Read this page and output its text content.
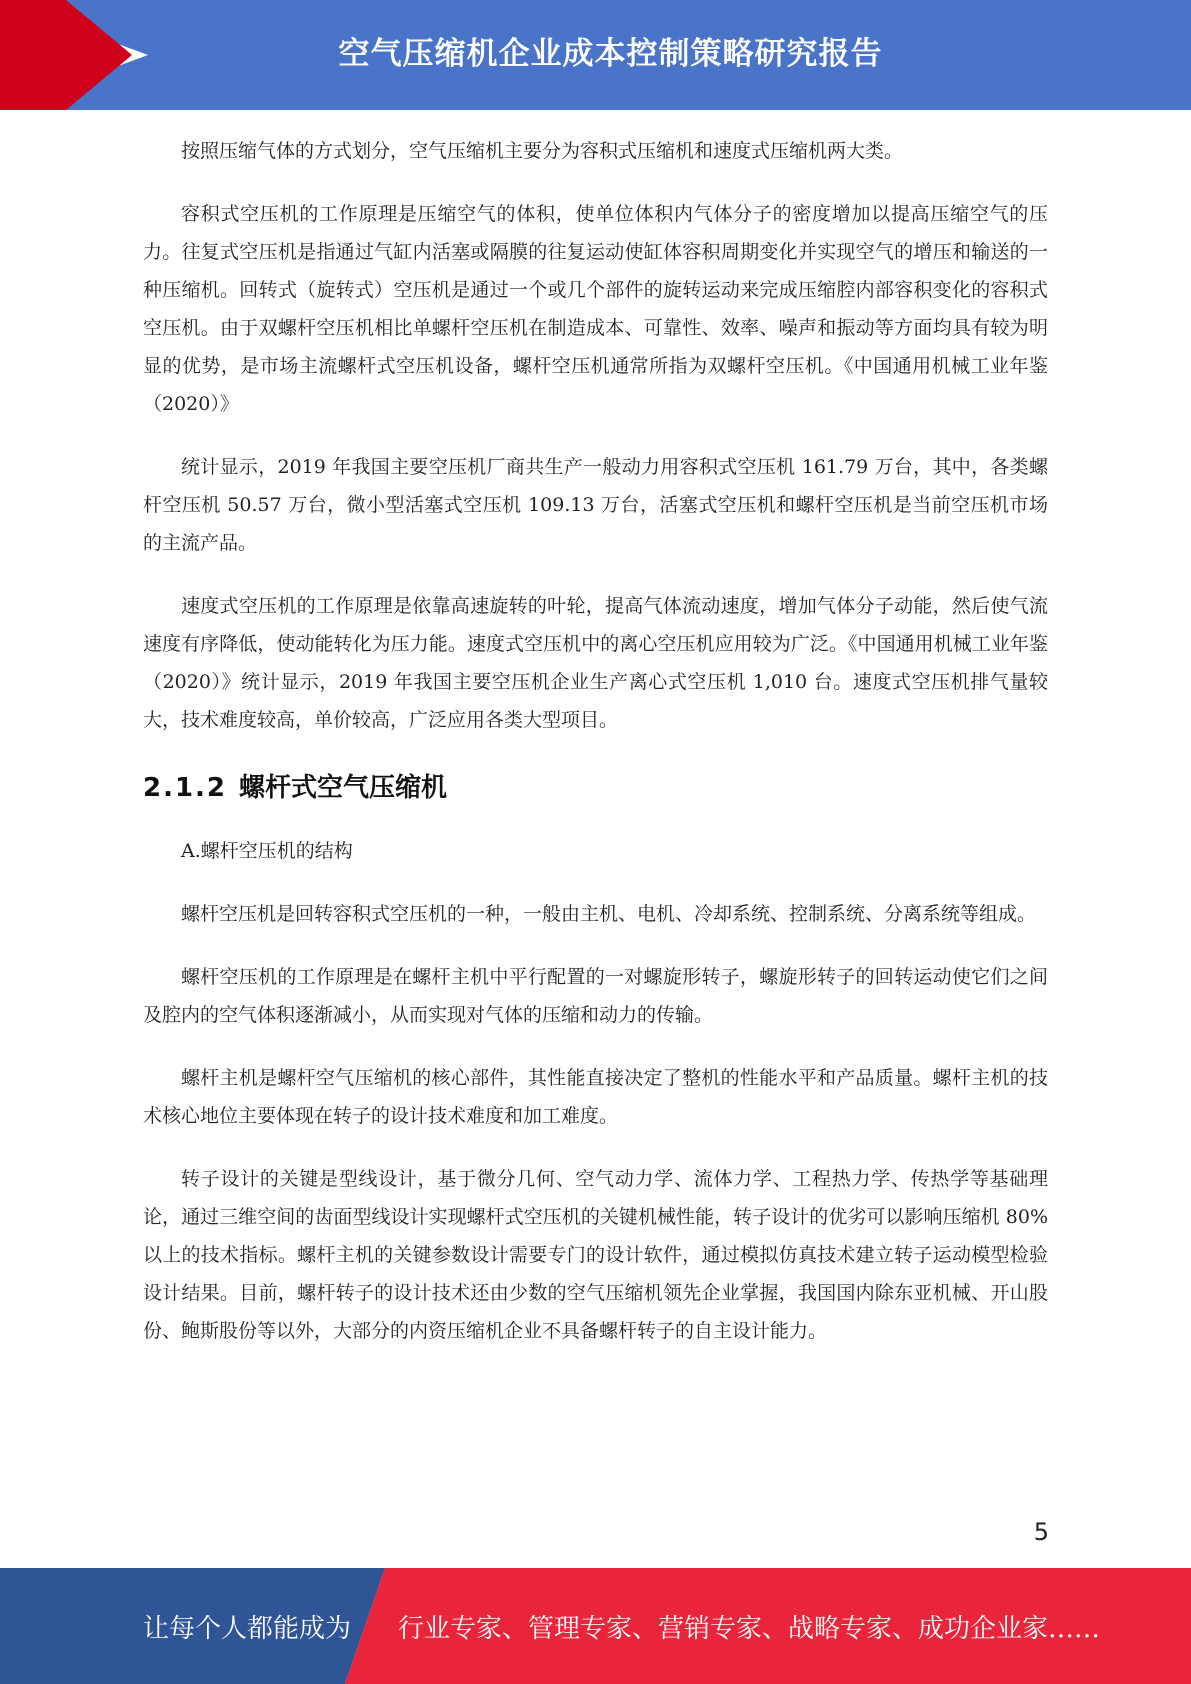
空气压缩机企业成本控制策略研究报告

按照压缩气体的方式划分，空气压缩机主要分为容积式压缩机和速度式压缩机两大类。

容积式空压机的工作原理是压缩空气的体积，使单位体积内气体分子的密度增加以提高压缩空气的压力。往复式空压机是指通过气缸内活塞或隔膜的往复运动使缸体容积周期变化并实现空气的增压和输送的一种压缩机。回转式（旋转式）空压机是通过一个或几个部件的旋转运动来完成压缩腔内部容积变化的容积式空压机。由于双螺杆空压机相比单螺杆空压机在制造成本、可靠性、效率、噪声和振动等方面均具有较为明显的优势，是市场主流螺杆式空压机设备，螺杆空压机通常所指为双螺杆空压机。《中国通用机械工业年鉴（2020）》

统计显示，2019 年我国主要空压机厂商共生产一般动力用容积式空压机 161.79 万台，其中，各类螺杆空压机 50.57 万台，微小型活塞式空压机 109.13 万台，活塞式空压机和螺杆空压机是当前空压机市场的主流产品。

速度式空压机的工作原理是依靠高速旋转的叶轮，提高气体流动速度，增加气体分子动能，然后使气流速度有序降低，使动能转化为压力能。速度式空压机中的离心空压机应用较为广泛。《中国通用机械工业年鉴（2020）》统计显示，2019 年我国主要空压机企业生产离心式空压机 1,010 台。速度式空压机排气量较大，技术难度较高，单价较高，广泛应用各类大型项目。

2.1.2 螺杆式空气压缩机

A.螺杆空压机的结构

螺杆空压机是回转容积式空压机的一种，一般由主机、电机、冷却系统、控制系统、分离系统等组成。

螺杆空压机的工作原理是在螺杆主机中平行配置的一对螺旋形转子，螺旋形转子的回转运动使它们之间及腔内的空气体积逐渐减小，从而实现对气体的压缩和动力的传输。

螺杆主机是螺杆空气压缩机的核心部件，其性能直接决定了整机的性能水平和产品质量。螺杆主机的技术核心地位主要体现在转子的设计技术难度和加工难度。

转子设计的关键是型线设计，基于微分几何、空气动力学、流体力学、工程热力学、传热学等基础理论，通过三维空间的齿面型线设计实现螺杆式空压机的关键机械性能，转子设计的优劣可以影响压缩机 80%以上的技术指标。螺杆主机的关键参数设计需要专门的设计软件，通过模拟仿真技术建立转子运动模型检验设计结果。目前，螺杆转子的设计技术还由少数的空气压缩机领先企业掌握，我国国内除东亚机械、开山股份、鲍斯股份等以外，大部分的内资压缩机企业不具备螺杆转子的自主设计能力。

5
让每个人都能成为 行业专家、管理专家、营销专家、战略专家、成功企业家……
